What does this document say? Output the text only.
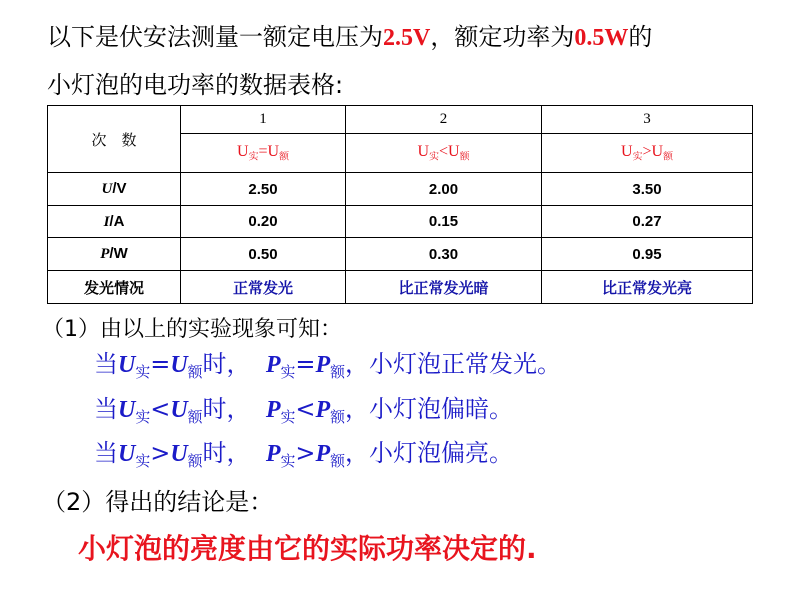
以下是伏安法测量一额定电压为2.5V，额定功率为0.5W的
小灯泡的电功率的数据表格:
次　数	1	2	3
	$U_实=U_额$	$U_实<U_额$	$U_实>U_额$
U/V	2.50	2.00	3.50
I/A	0.20	0.15	0.27
P/W	0.50	0.30	0.95
发光情况	正常发光	比正常发光暗	比正常发光亮
（1）由以上的实验现象可知：
当$U_实=U_额$时， $P_实=P_额$，小灯泡正常发光。
当$U_实<U_额$时， $P_实<P_额$，小灯泡偏暗。
当$U_实>U_额$时， $P_实>P_额$，小灯泡偏亮。
（2）得出的结论是：
小灯泡的亮度由它的实际功率决定的.
